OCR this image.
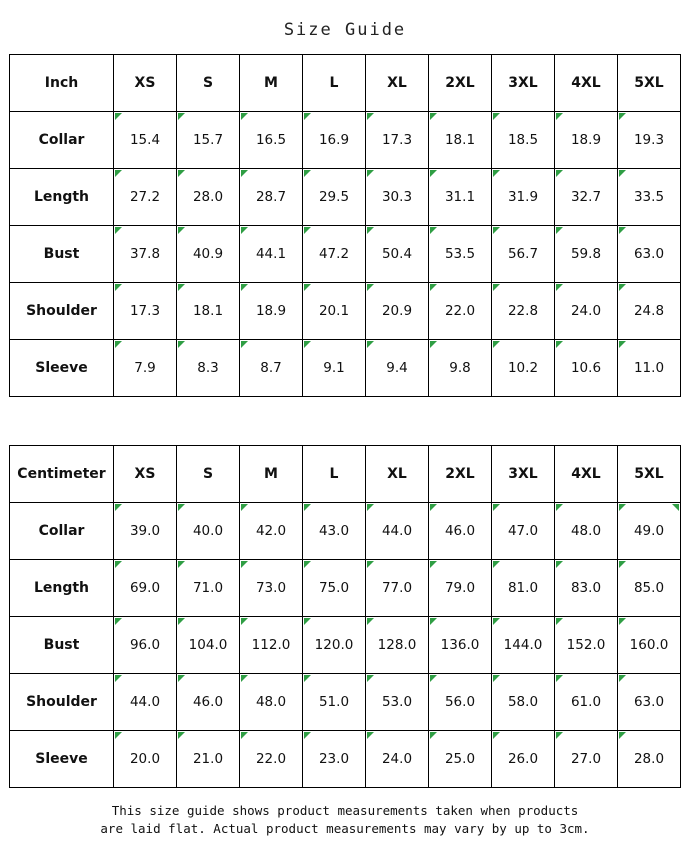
Size Guide
Inch	XS	S	M	L	XL	2XL	3XL	4XL	5XL
Collar	15.4	15.7	16.5	16.9	17.3	18.1	18.5	18.9	19.3
Length	27.2	28.0	28.7	29.5	30.3	31.1	31.9	32.7	33.5
Bust	37.8	40.9	44.1	47.2	50.4	53.5	56.7	59.8	63.0
Shoulder	17.3	18.1	18.9	20.1	20.9	22.0	22.8	24.0	24.8
Sleeve	7.9	8.3	8.7	9.1	9.4	9.8	10.2	10.6	11.0
Centimeter	XS	S	M	L	XL	2XL	3XL	4XL	5XL
Collar	39.0	40.0	42.0	43.0	44.0	46.0	47.0	48.0	49.0
Length	69.0	71.0	73.0	75.0	77.0	79.0	81.0	83.0	85.0
Bust	96.0	104.0	112.0	120.0	128.0	136.0	144.0	152.0	160.0
Shoulder	44.0	46.0	48.0	51.0	53.0	56.0	58.0	61.0	63.0
Sleeve	20.0	21.0	22.0	23.0	24.0	25.0	26.0	27.0	28.0
This size guide shows product measurements taken when products
are laid flat. Actual product measurements may vary by up to 3cm.
